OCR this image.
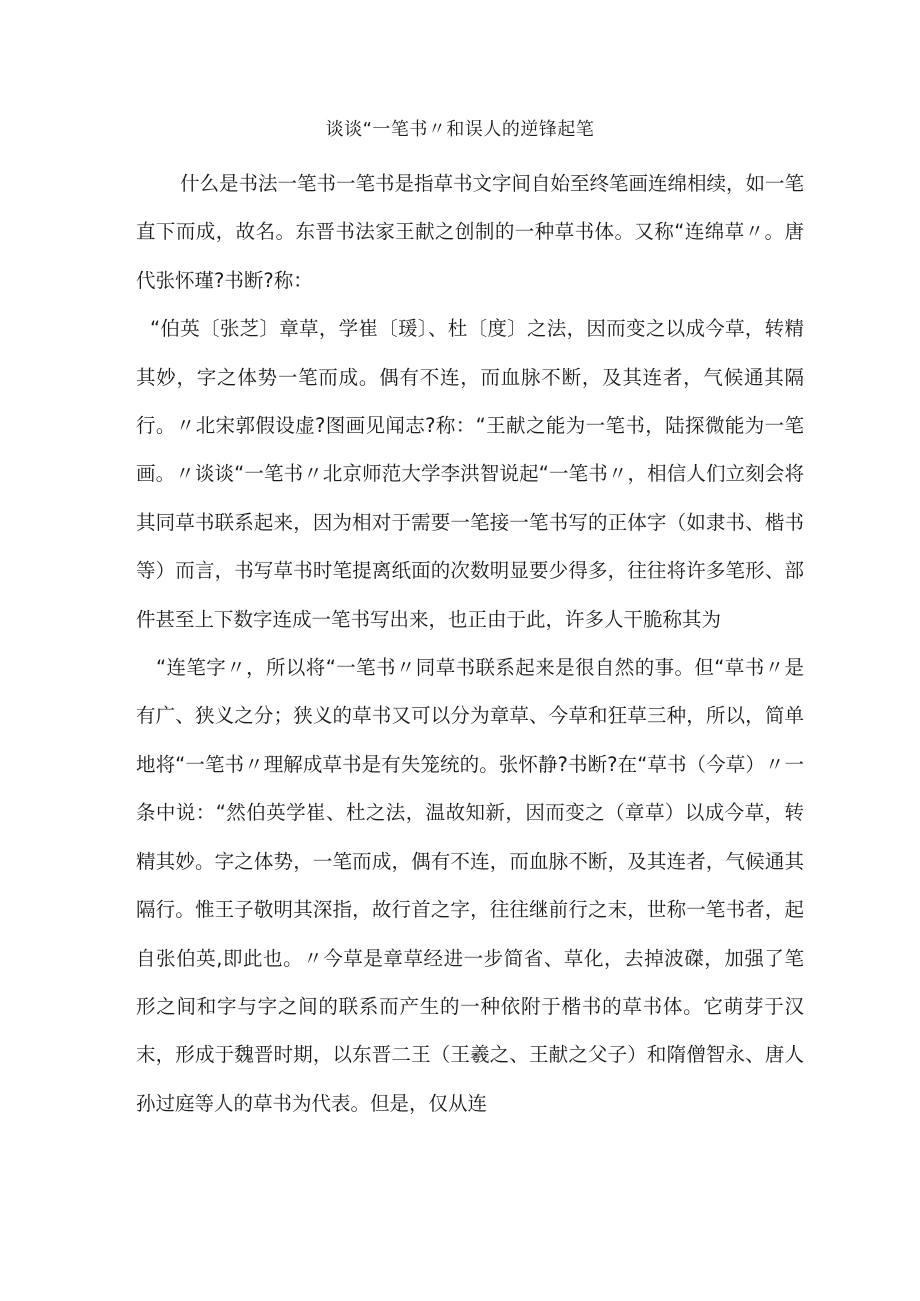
谈谈“一笔书〃和误人的逆锋起笔

什么是书法一笔书一笔书是指草书文字间自始至终笔画连绵相续，如一笔直下而成，故名。东晋书法家王献之创制的一种草书体。又称“连绵草〃。唐代张怀瑾?书断?称：

“伯英〔张芝〕章草，学崔〔瑗〕、杜〔度〕之法，因而变之以成今草，转精其妙，字之体势一笔而成。偶有不连，而血脉不断，及其连者，气候通其隔行。〃北宋郭假设虚?图画见闻志?称：“王献之能为一笔书，陆探微能为一笔画。〃谈谈“一笔书〃北京师范大学李洪智说起“一笔书〃，相信人们立刻会将其同草书联系起来，因为相对于需要一笔接一笔书写的正体字（如隶书、楷书等）而言，书写草书时笔提离纸面的次数明显要少得多，往往将许多笔形、部件甚至上下数字连成一笔书写出来，也正由于此，许多人干脆称其为

“连笔字〃，所以将“一笔书〃同草书联系起来是很自然的事。但“草书〃是有广、狭义之分；狭义的草书又可以分为章草、今草和狂草三种，所以，简单地将“一笔书〃理解成草书是有失笼统的。张怀静?书断?在“草书（今草）〃一条中说：“然伯英学崔、杜之法，温故知新，因而变之（章草）以成今草，转精其妙。字之体势，一笔而成，偶有不连，而血脉不断，及其连者，气候通其隔行。惟王子敬明其深指，故行首之字，往往继前行之末，世称一笔书者，起自张伯英,即此也。〃今草是章草经进一步简省、草化，去掉波磔，加强了笔形之间和字与字之间的联系而产生的一种依附于楷书的草书体。它萌芽于汉末，形成于魏晋时期，以东晋二王（王羲之、王献之父子）和隋僧智永、唐人孙过庭等人的草书为代表。但是，仅从连
